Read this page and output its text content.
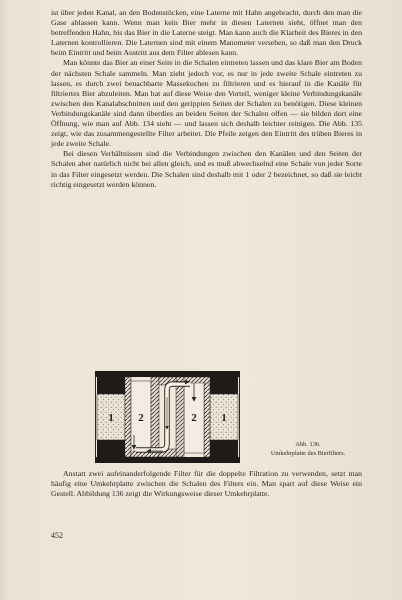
ist über jeden Kanal, an den Bodenstücken, eine Laterne mit Hahn angebracht, durch den man die Gase ablassen kann. Wenn man kein Bier mehr in diesen Laternen sieht, öffnet man den betreffenden Hahn, bis das Bier in die Laterne steigt. Man kann auch die Klarheit des Bieres in den Laternen kontrollieren. Die Laternen sind mit einem Manometer versehen, so daß man den Druck beim Eintritt und beim Austritt aus dem Filter ablesen kann.

Man könnte das Bier an einer Seite in die Schalen eintreten lassen und das klare Bier am Boden der nächsten Schale sammeln. Man zieht jedoch vor, es nur in jede zweite Schale eintreten zu lassen, es durch zwei benachbarte Massekuchen zu filtrieren und es hierauf in die Kanäle für filtriertes Bier abzuleiten. Man hat auf diese Weise den Vorteil, weniger kleine Verbindungskanäle zwischen den Kanalabschnitten und den gerippten Seiten der Schalen zu benötigen. Diese kleinen Verbindungskanäle sind dann überdies an beiden Seiten der Schalen offen — sie bilden dort eine Öffnung, wie man auf Abb. 134 sieht — und lassen sich deshalb leichter reinigen. Die Abb. 135 zeigt, wie das zusammengestellte Filter arbeitet. Die Pfeile zeigen den Eintritt des trüben Bieres in jede zweite Schale.

Bei diesen Verhältnissen sind die Verbindungen zwischen den Kanälen und den Seiten der Schalen aber natürlich nicht bei allen gleich, und es muß abwechselnd eine Schale von jeder Sorte in das Filter eingesetzt werden. Die Schalen sind deshalb mit 1 oder 2 bezeichnet, so daß sie leicht richtig eingesetzt werden können.

1 2	2 1
Abb. 136.
Umkehrplatte des Bierfilters.

Anstatt zwei aufeinanderfolgende Filter für die doppelte Filtration zu verwenden, setzt man häufig eine Umkehrplatte zwischen die Schalen des Filters ein. Man spart auf diese Weise ein Gestell. Abbildung 136 zeigt die Wirkungsweise dieser Umkehrplatte.

452
